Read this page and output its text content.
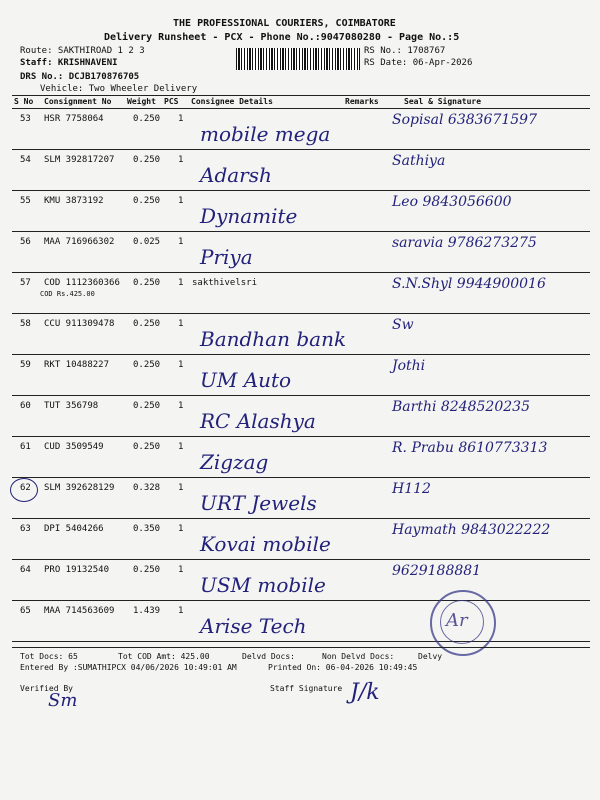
THE PROFESSIONAL COURIERS, COIMBATORE
Delivery Runsheet - PCX - Phone No.:9047080280 - Page No.:5
Route: SAKTHIROAD 1 2 3
Staff: KRISHNAVENI
DRS No.: DCJB170876705
Vehicle: Two Wheeler Delivery
RS No.: 1708767
RS Date: 06-Apr-2026
S No Consignment No Weight PCS Consignee Details	Remarks	Seal & Signature
53 HSR 7758064	0.250 1
mobile mega
Sopisal 6383671597
54 SLM 392817207 0.250 1
Adarsh
Sathiya
55 KMU 3873192	0.250 1
Dynamite
Leo 9843056600
56 MAA 716966302 0.025 1
Priya
saravia 9786273275
57 COD 1112360366 0.250 1 sakthivelsri
COD Rs.425.00
S.N.Shyl 9944900016
58 CCU 911309478 0.250 1
Bandhan bank
Sw
59 RKT 10488227	0.250 1
UM Auto
Jothi
60 TUT 356798	0.250 1
RC Alashya
Barthi 8248520235
61 CUD 3509549	0.250 1
Zigzag
R. Prabu 8610773313
62 SLM 392628129 0.328 1
URT Jewels
H112
63 DPI 5404266	0.350 1
Kovai mobile
Haymath 9843022222
64 PRO 19132540	0.250 1
USM mobile
9629188881
65 MAA 714563609 1.439 1
Arise Tech	Ar
Tot Docs: 65	Tot COD Amt: 425.00	Delvd Docs:	Non Delvd Docs:	Delvy
Entered By :SUMATHIPCX 04/06/2026 10:49:01 AM	Printed On: 06-04-2026 10:49:45
Verified By
Sm
Staff Signature J/k
